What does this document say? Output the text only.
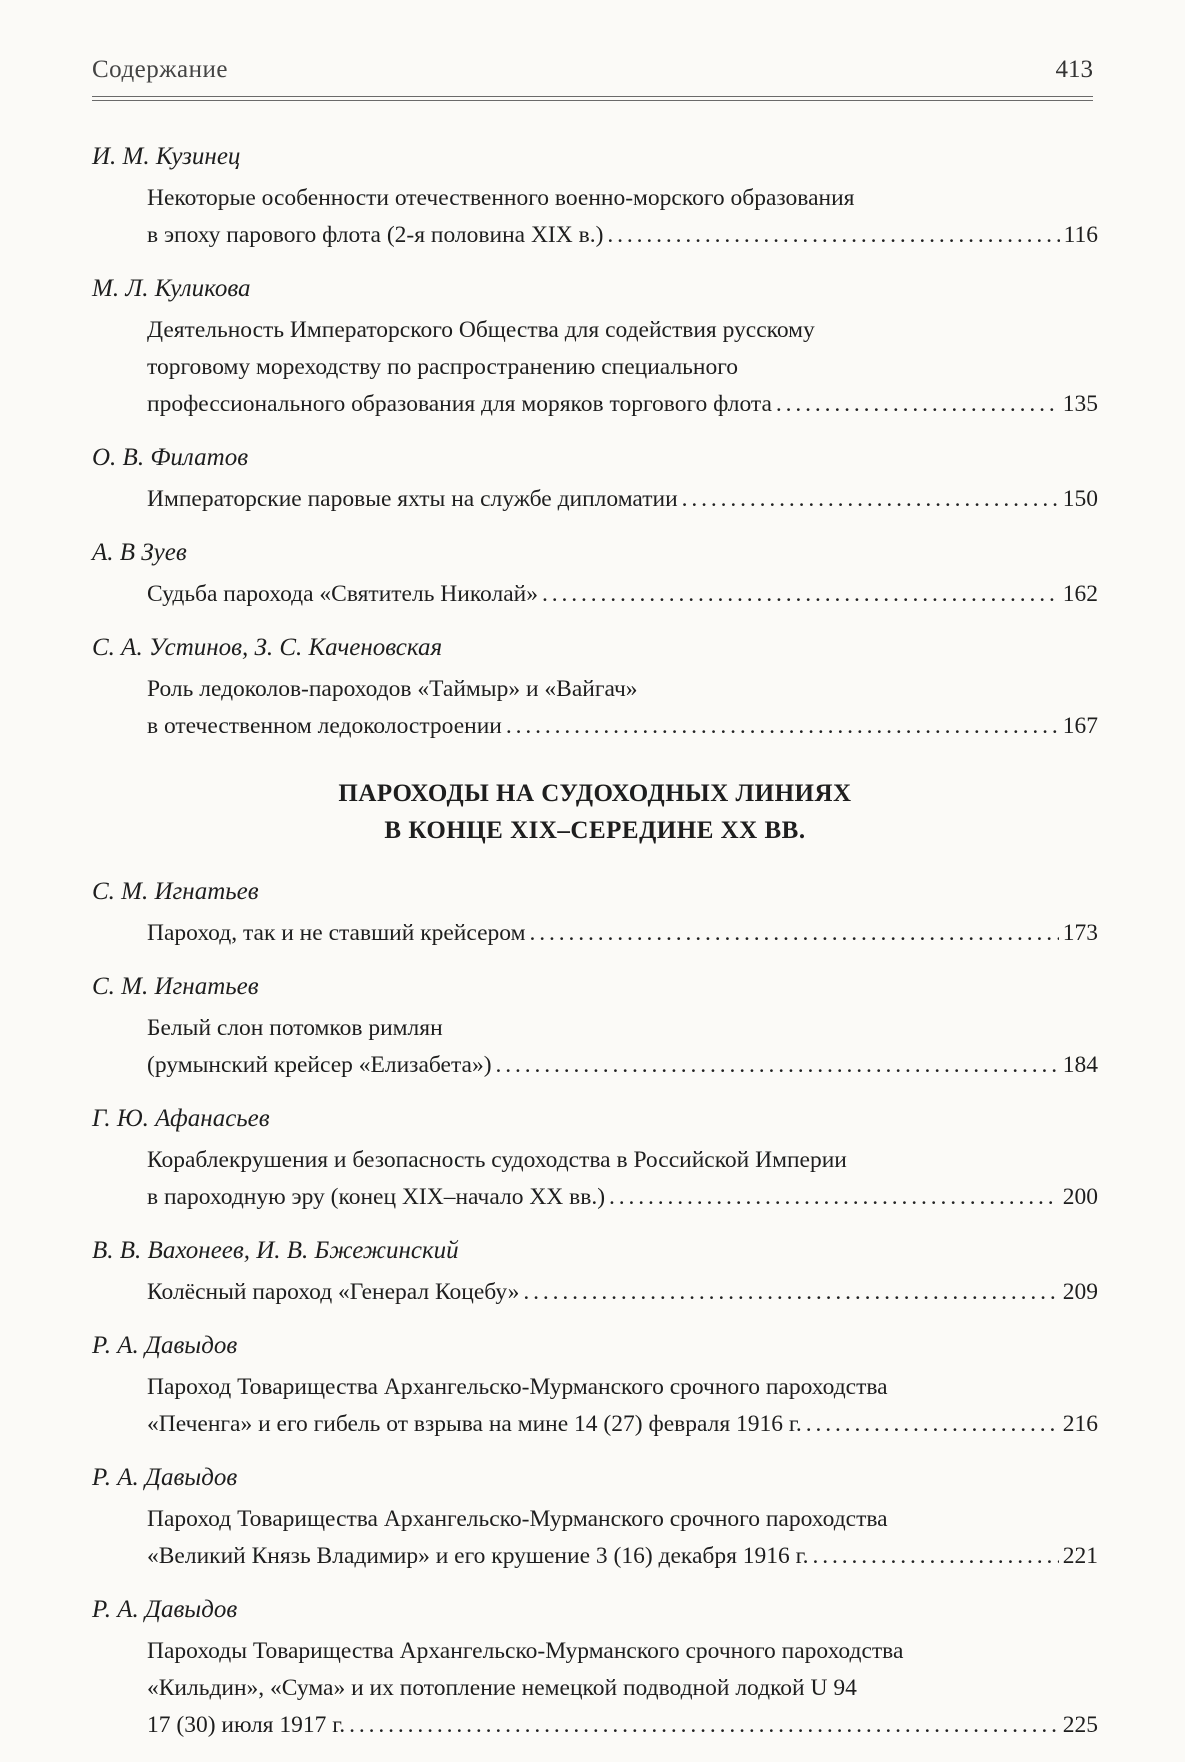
Содержание	413
И. М. Кузинец
Некоторые особенности отечественного военно-морского образования
в эпоху парового флота (2-я половина XIX в.) . . .	116
М. Л. Куликова
Деятельность Императорского Общества для содействия русскому
торговому мореходству по распространению специального
профессионального образования для моряков торгового флота . . .	135
О. В. Филатов
Императорские паровые яхты на службе дипломатии . . .	150
А. В Зуев
Судьба парохода «Святитель Николай» . . .	162
С. А. Устинов, З. С. Каченовская
Роль ледоколов-пароходов «Таймыр» и «Вайгач»
в отечественном ледоколостроении . . .	167
ПАРОХОДЫ НА СУДОХОДНЫХ ЛИНИЯХ
В КОНЦЕ XIX–СЕРЕДИНЕ XX ВВ.
С. М. Игнатьев
Пароход, так и не ставший крейсером . . .	173
С. М. Игнатьев
Белый слон потомков римлян
(румынский крейсер «Елизабета») . . .	184
Г. Ю. Афанасьев
Кораблекрушения и безопасность судоходства в Российской Империи
в пароходную эру (конец XIX–начало XX вв.) . . .	200
В. В. Вахонеев, И. В. Бжежинский
Колёсный пароход «Генерал Коцебу» . . .	209
Р. А. Давыдов
Пароход Товарищества Архангельско-Мурманского срочного пароходства
«Печенга» и его гибель от взрыва на мине 14 (27) февраля 1916 г. . . .	216
Р. А. Давыдов
Пароход Товарищества Архангельско-Мурманского срочного пароходства
«Великий Князь Владимир» и его крушение 3 (16) декабря 1916 г. . . .	221
Р. А. Давыдов
Пароходы Товарищества Архангельско-Мурманского срочного пароходства
«Кильдин», «Сума» и их потопление немецкой подводной лодкой U 94
17 (30) июля 1917 г. . . .	225
